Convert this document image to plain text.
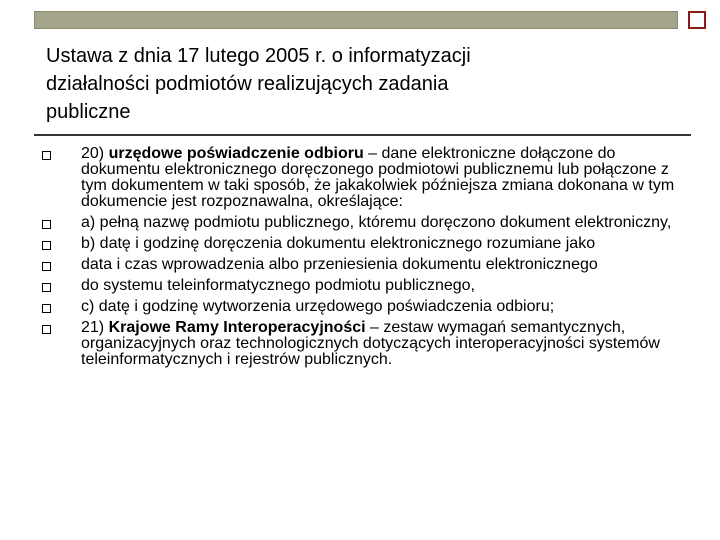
Ustawa z dnia 17 lutego 2005 r. o informatyzacji
działalności podmiotów realizujących zadania
publiczne
20) urzędowe poświadczenie odbioru – dane elektroniczne dołączone do dokumentu elektronicznego doręczonego podmiotowi publicznemu lub połączone z tym dokumentem w taki sposób, że jakakolwiek późniejsza zmiana dokonana w tym dokumencie jest rozpoznawalna, określające:
a) pełną nazwę podmiotu publicznego, któremu doręczono dokument elektroniczny,
b) datę i godzinę doręczenia dokumentu elektronicznego rozumiane jako
data i czas wprowadzenia albo przeniesienia dokumentu elektronicznego
do systemu teleinformatycznego podmiotu publicznego,
c) datę i godzinę wytworzenia urzędowego poświadczenia odbioru;
21) Krajowe Ramy Interoperacyjności – zestaw wymagań semantycznych, organizacyjnych oraz technologicznych dotyczących interoperacyjności systemów teleinformatycznych i rejestrów publicznych.
